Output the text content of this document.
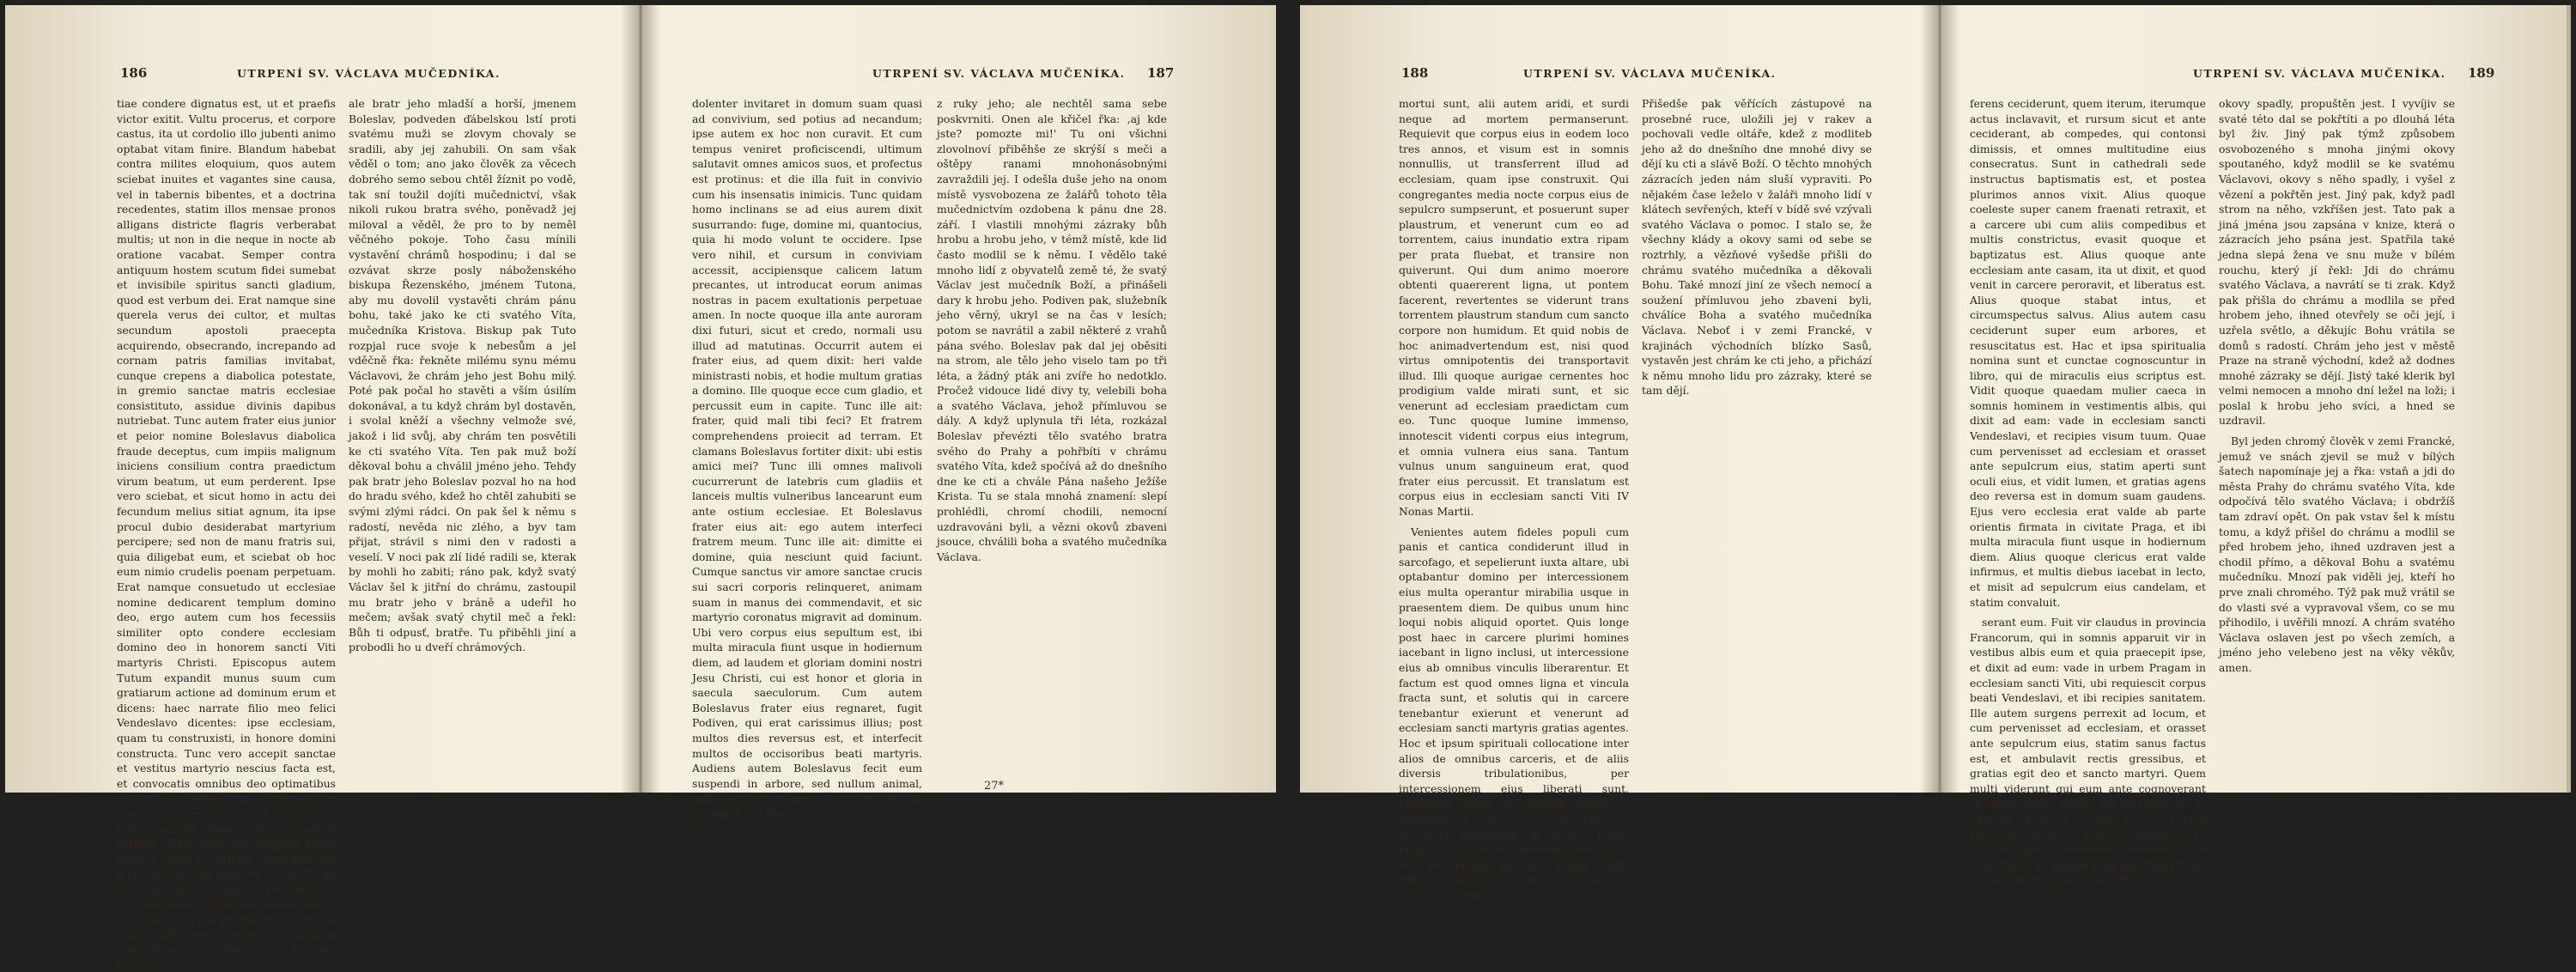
186	UTRPENÍ SV. VÁCLAVA MUČEDNÍKA.

tiae condere dignatus est, ut et praefis victor exitit. Vultu procerus, et corpore castus, ita ut cordolio illo jubenti animo optabat vitam finire. Blandum habebat contra milites eloquium, quos autem sciebat inuites et vagantes sine causa, vel in tabernis bibentes, et a doctrina recedentes, statim illos mensae pronos alligans districte flagris verberabat multis; ut non in die neque in nocte ab oratione vacabat. Semper contra antiquum hostem scutum fidei sumebat et invisibile spiritus sancti gladium, quod est verbum dei. Erat namque sine querela verus dei cultor, et multas secundum apostoli praecepta acquirendo, obsecrando, increpando ad cornam patris familias invitabat, cunque crepens a diabolica potestate, in gremio sanctae matris ecclesiae consistituto, assidue divinis dapibus nutriebat. Tunc autem frater eius junior et peior nomine Boleslavus diabolica fraude deceptus, cum impiis malignum iniciens consilium contra praedictum virum beatum, ut eum perderent. Ipse vero sciebat, et sicut homo in actu dei fecundum melius sitiat agnum, ita ipse procul dubio desiderabat martyrium percipere; sed non de manu fratris sui, quia diligebat eum, et sciebat ob hoc eum nimio crudelis poenam perpetuam. Erat namque consuetudo ut ecclesiae nomine dedicarent templum domino deo, ergo autem cum hos fecessiis similiter opto condere ecclesiam domino deo in honorem sancti Viti martyris Christi. Episcopus autem Tutum expandit munus suum cum gratiarum actione ad dominum erum et dicens: haec narrate filio meo felici Vendeslavo dicentes: ipse ecclesiam, quam tu construxisti, in honore domini constructa. Tunc vero accepit sanctae et vestitus martyrio nescius facta est, et convocatis omnibus deo optimatibus pariter et plebe sua ecclesiam in honorem illius consecrare. Ille igitur homo insiqua suaus cum gratiarum actione. Cum ecce ab ecclesia tertia fratrem suum in castrum suum Boleslav invitavit illum in castrum suum. Et ibi fratrem cum consilio pessimo in ecclesia sancti Viti in die missae dicens ut manente in illa die perdeant eum, et cum fratre non bonus et insidias domesticas in sua domo esse dixerunt fratri.

ale bratr jeho mladší a horší, jmenem Boleslav, podveden ďábelskou lstí proti svatému muži se zlovym chovaly se sradili, aby jej zahubili. On sam však věděl o tom; ano jako člověk za věcech dobrého semo sebou chtěl žíznit po vodě, tak sní toužil dojíti mučednictví, však nikoli rukou bratra svého, poněvadž jej miloval a věděl, že pro to by neměl věčného pokoje. Toho času mínili vystavění chrámů hospodinu; i dal se ozvávat skrze posly náboženského biskupa Řezenského, jménem Tutona, aby mu dovolil vystavěti chrám pánu bohu, také jako ke cti svatého Víta, mučedníka Kristova. Biskup pak Tuto rozpjal ruce svoje k nebesům a jel vděčně řka: řekněte milému synu mému Václavovi, že chrám jeho jest Bohu milý. Poté pak počal ho stavěti a vším úsilím dokonával, a tu když chrám byl dostavěn, i svolal kněží a všechny velmože své, jakož i lid svůj, aby chrám ten posvětili ke cti svatého Víta. Ten pak muž boží děkoval bohu a chválil jméno jeho. Tehdy pak bratr jeho Boleslav pozval ho na hod do hradu svého, kdež ho chtěl zahubiti se svými zlými rádci. On pak šel k němu s radostí, nevěda nic zlého, a byv tam přijat, strávil s nimi den v radosti a veselí. V noci pak zlí lidé radili se, kterak by mohli ho zabiti; ráno pak, když svatý Václav šel k jitřní do chrámu, zastoupil mu bratr jeho v bráně a udeřil ho mečem; avšak svatý chytil meč a řekl: Bůh ti odpusť, bratře. Tu přiběhli jiní a probodli ho u dveří chrámových.

UTRPENÍ SV. VÁCLAVA MUČENÍKA. 187

dolenter invitaret in domum suam quasi ad convivium, sed potius ad necandum; ipse autem ex hoc non curavit. Et cum tempus veniret proficiscendi, ultimum salutavit omnes amicos suos, et profectus est protinus: et die illa fuit in convivio cum his insensatis inimicis. Tunc quidam homo inclinans se ad eius aurem dixit susurrando: fuge, domine mi, quantocius, quia hi modo volunt te occidere. Ipse vero nihil, et cursum in conviviam accessit, accipiensque calicem latum precantes, ut introducat eorum animas nostras in pacem exultationis perpetuae amen. In nocte quoque illa ante auroram dixi futuri, sicut et credo, normali usu illud ad matutinas. Occurrit autem ei frater eius, ad quem dixit: heri valde ministrasti nobis, et hodie multum gratias a domino. Ille quoque ecce cum gladio, et percussit eum in capite. Tunc ille ait: frater, quid mali tibi feci? Et fratrem comprehendens proiecit ad terram. Et clamans Boleslavus fortiter dixit: ubi estis amici mei? Tunc illi omnes malivoli cucurrerunt de latebris cum gladiis et lanceis multis vulneribus lancearunt eum ante ostium ecclesiae. Et Boleslavus frater eius ait: ego autem interfeci fratrem meum. Tunc ille ait: dimitte ei domine, quia nesciunt quid faciunt. Cumque sanctus vir amore sanctae crucis sui sacri corporis relinqueret, animam suam in manus dei commendavit, et sic martyrio coronatus migravit ad dominum. Ubi vero corpus eius sepultum est, ibi multa miracula fiunt usque in hodiernum diem, ad laudem et gloriam domini nostri Jesu Christi, cui est honor et gloria in saecula saeculorum. Cum autem Boleslavus frater eius regnaret, fugit Podiven, qui erat carissimus illius; post multos dies reversus est, et interfecit multos de occisoribus beati martyris. Audiens autem Boleslavus fecit eum suspendi in arbore, sed nullum animal, nulla avis tetigit eum, et corpus illius ibi pependit per tres annos.

z ruky jeho; ale nechtěl sama sebe poskvrniti. Onen ale křičel řka: ‚aj kde jste? pomozte mi!' Tu oni všichni zlovolnoví přiběhše ze skrýší s meči a oštěpy ranami mnohonásobnými zavraždili jej. I odešla duše jeho na onom místě vysvobozena ze žalářů tohoto těla mučednictvím ozdobena k pánu dne 28. září. I vlastili mnohými zázraky bůh hrobu a hrobu jeho, v témž místě, kde lid často modlil se k němu. I vědělo také mnoho lidí z obyvatelů země té, že svatý Václav jest mučedník Boží, a přinášeli dary k hrobu jeho. Podiven pak, služebník jeho věrný, ukryl se na čas v lesích; potom se navrátil a zabil některé z vrahů pána svého. Boleslav pak dal jej oběsiti na strom, ale tělo jeho viselo tam po tři léta, a žádný pták ani zvíře ho nedotklo. Pročež vidouce lidé divy ty, velebili boha a svatého Václava, jehož přímluvou se dály. A když uplynula tři léta, rozkázal Boleslav převézti tělo svatého bratra svého do Prahy a pohřbíti v chrámu svatého Víta, kdež spočívá až do dnešního dne ke cti a chvále Pána našeho Ježíše Krista. Tu se stala mnohá znamení: slepí prohlédli, chromí chodili, nemocní uzdravováni byli, a vězni okovů zbaveni jsouce, chválili boha a svatého mučedníka Václava.

27*
188	UTRPENÍ SV. VÁCLAVA MUČENÍKA.

mortui sunt, alii autem aridi, et surdi neque ad mortem permanserunt. Requievit que corpus eius in eodem loco tres annos, et visum est in somnis nonnullis, ut transferrent illud ad ecclesiam, quam ipse construxit. Qui congregantes media nocte corpus eius de sepulcro sumpserunt, et posuerunt super plaustrum, et venerunt cum eo ad torrentem, caius inundatio extra ripam per prata fluebat, et transire non quiverunt. Qui dum animo moerore obtenti quaererent ligna, ut pontem facerent, revertentes se viderunt trans torrentem plaustrum standum cum sancto corpore non humidum. Et quid nobis de hoc animadvertendum est, nisi quod virtus omnipotentis dei transportavit illud. Illi quoque aurigae cernentes hoc prodigium valde mirati sunt, et sic venerunt ad ecclesiam praedictam cum eo. Tunc quoque lumine immenso, innotescit videnti corpus eius integrum, et omnia vulnera eius sana. Tantum vulnus unum sanguineum erat, quod frater eius percussit. Et translatum est corpus eius in ecclesiam sancti Viti IV Nonas Martii.

Venientes autem fideles populi cum panis et cantica condiderunt illud in sarcofago, et sepelierunt iuxta altare, ubi optabantur domino per intercessionem eius multa operantur mirabilia usque in praesentem diem. De quibus unum hinc loqui nobis aliquid oportet. Quis longe post haec in carcere plurimi homines iacebant in ligno inclusi, ut intercessione eius ab omnibus vinculis liberarentur. Et factum est quod omnes ligna et vincula fracta sunt, et solutis qui in carcere tenebantur exierunt et venerunt ad ecclesiam sancti martyris gratias agentes. Hoc et ipsum spirituali collocatione inter alios de omnibus carceris, et de aliis diversis tribulationibus, per intercessionem eius liberati sunt, laudantes deum et sanctum martyrem Vendeslavum. Nam ecclesia eius in provincia Francorum, in oriente parte, prope ad regionem Saxoniae constructa est, et veniunt ad eam populi multi propter miracula quae ibi fiunt per intercessionem eius.

Přišedše pak věřících zástupové na prosebné ruce, uložili jej v rakev a pochovali vedle oltáře, kdež z modliteb jeho až do dnešního dne mnohé divy se dějí ku cti a slávě Boží. O těchto mnohých zázracích jeden nám sluší vypraviti. Po nějakém čase leželo v žaláři mnoho lidí v klátech sevřených, kteří v bídě své vzývali svatého Václava o pomoc. I stalo se, že všechny klády a okovy sami od sebe se roztrhly, a vězňové vyšedše přišli do chrámu svatého mučedníka a děkovali Bohu. Také mnozí jiní ze všech nemocí a soužení přímluvou jeho zbaveni byli, chválíce Boha a svatého mučedníka Václava. Neboť i v zemi Francké, v krajinách východních blízko Sasů, vystavěn jest chrám ke cti jeho, a přichází k němu mnoho lidu pro zázraky, které se tam dějí.

UTRPENÍ SV. VÁCLAVA MUČENÍKA. 189

ferens ceciderunt, quem iterum, iterumque actus inclavavit, et rursum sicut et ante ceciderant, ab compedes, qui contonsi dimissis, et omnes multitudine eius consecratus. Sunt in cathedrali sede instructus baptismatis est, et postea plurimos annos vixit. Alius quoque coeleste super canem fraenati retraxit, et a carcere ubi cum aliis compedibus et multis constrictus, evasit quoque et baptizatus est. Alius quoque ante ecclesiam ante casam, ita ut dixit, et quod venit in carcere peroravit, et liberatus est. Alius quoque stabat intus, et circumspectus salvus. Alius autem casu ceciderunt super eum arbores, et resuscitatus est. Hac et ipsa spiritualia nomina sunt et cunctae cognoscuntur in libro, qui de miraculis eius scriptus est. Vidit quoque quaedam mulier caeca in somnis hominem in vestimentis albis, qui dixit ad eam: vade in ecclesiam sancti Vendeslavi, et recipies visum tuum. Quae cum pervenisset ad ecclesiam et orasset ante sepulcrum eius, statim aperti sunt oculi eius, et vidit lumen, et gratias agens deo reversa est in domum suam gaudens. Ejus vero ecclesia erat valde ab parte orientis firmata in civitate Praga, et ibi multa miracula fiunt usque in hodiernum diem. Alius quoque clericus erat valde infirmus, et multis diebus iacebat in lecto, et misit ad sepulcrum eius candelam, et statim convaluit.

serant eum. Fuit vir claudus in provincia Francorum, qui in somnis apparuit vir in vestibus albis eum et quia praecepit ipse, et dixit ad eum: vade in urbem Pragam in ecclesiam sancti Viti, ubi requiescit corpus beati Vendeslavi, et ibi recipies sanitatem. Ille autem surgens perrexit ad locum, et cum pervenisset ad ecclesiam, et orasset ante sepulcrum eius, statim sanus factus est, et ambulavit rectis gressibus, et gratias egit deo et sancto martyri. Quem multi viderunt qui eum ante cognoverant claudum. Idem autem vir reversus est in patriam suam, et omnibus nuntiavit quae sibi contigerant, et multi crediderunt. Et ecclesia sancti Vendeslavi exaltata est in omni terra, et nomen eius glorificatum est in saecula saeculorum, amen.

okovy spadly, propuštěn jest. I vyvíjiv se svaté této dal se pokřtíti a po dlouhá léta byl živ. Jiný pak týmž způsobem osvobozeného s mnoha jinými okovy spoutaného, když modlil se ke svatému Václavovi, okovy s něho spadly, i vyšel z vězení a pokřtěn jest. Jiný pak, když padl strom na něho, vzkříšen jest. Tato pak a jiná jména jsou zapsána v knize, která o zázracích jeho psána jest. Spatřila také jedna slepá žena ve snu muže v bílém rouchu, který jí řekl: Jdi do chrámu svatého Václava, a navrátí se ti zrak. Když pak přišla do chrámu a modlila se před hrobem jeho, ihned otevřely se oči její, i uzřela světlo, a děkujíc Bohu vrátila se domů s radostí. Chrám jeho jest v městě Praze na straně východní, kdež až dodnes mnohé zázraky se dějí. Jistý také klerik byl velmi nemocen a mnoho dní ležel na loži; i poslal k hrobu jeho svíci, a hned se uzdravil.

Byl jeden chromý člověk v zemi Francké, jemuž ve snách zjevil se muž v bílých šatech napomínaje jej a řka: vstaň a jdi do města Prahy do chrámu svatého Víta, kde odpočívá tělo svatého Václava; i obdržíš tam zdraví opět. On pak vstav šel k místu tomu, a když přišel do chrámu a modlil se před hrobem jeho, ihned uzdraven jest a chodil přímo, a děkoval Bohu a svatému mučedníku. Mnozí pak viděli jej, kteří ho prve znali chromého. Týž pak muž vrátil se do vlasti své a vypravoval všem, co se mu přihodilo, i uvěřili mnozí. A chrám svatého Václava oslaven jest po všech zemích, a jméno jeho velebeno jest na věky věkův, amen.
